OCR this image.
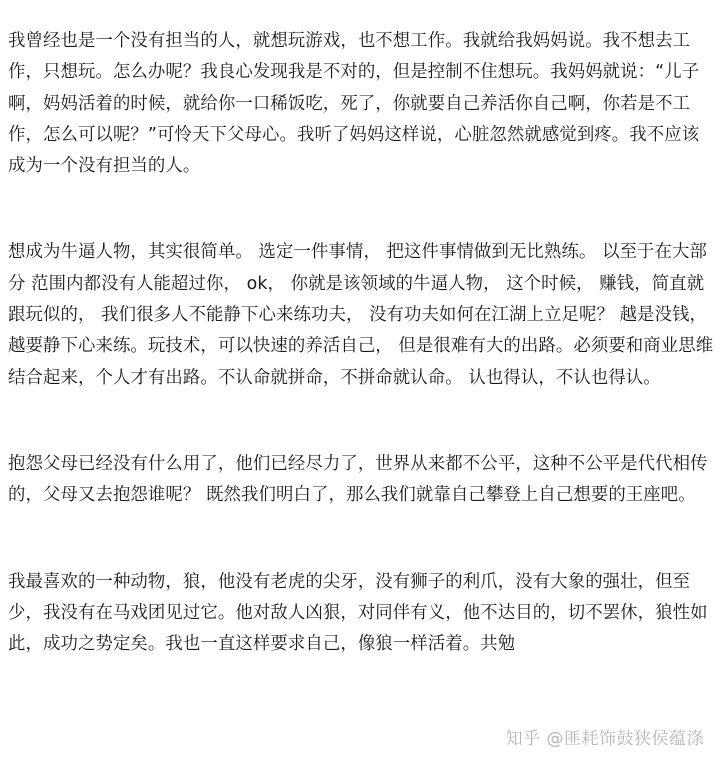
我曾经也是一个没有担当的人，就想玩游戏，也不想工作。我就给我妈妈说。我不想去工作，只想玩。怎么办呢？我良心发现我是不对的，但是控制不住想玩。我妈妈就说：“儿子啊，妈妈活着的时候，就给你一口稀饭吃，死了，你就要自己养活你自己啊，你若是不工作，怎么可以呢？”可怜天下父母心。我听了妈妈这样说，心脏忽然就感觉到疼。我不应该成为一个没有担当的人。

想成为牛逼人物，其实很简单。 选定一件事情， 把这件事情做到无比熟练。 以至于在大部分 范围内都没有人能超过你， ok， 你就是该领域的牛逼人物， 这个时候， 赚钱，简直就跟玩似的， 我们很多人不能静下心来练功夫， 没有功夫如何在江湖上立足呢？ 越是没钱，越要静下心来练。玩技术，可以快速的养活自己， 但是很难有大的出路。必须要和商业思维结合起来，个人才有出路。不认命就拼命，不拼命就认命。 认也得认，不认也得认。

抱怨父母已经没有什么用了，他们已经尽力了，世界从来都不公平，这种不公平是代代相传的，父母又去抱怨谁呢？ 既然我们明白了，那么我们就靠自己攀登上自己想要的王座吧。

我最喜欢的一种动物，狼，他没有老虎的尖牙，没有狮子的利爪，没有大象的强壮，但至少，我没有在马戏团见过它。他对敌人凶狠，对同伴有义，他不达目的，切不罢休，狼性如此，成功之势定矣。我也一直这样要求自己，像狼一样活着。共勉

知乎 @匪耗饰鼓狭侯蕴涤
